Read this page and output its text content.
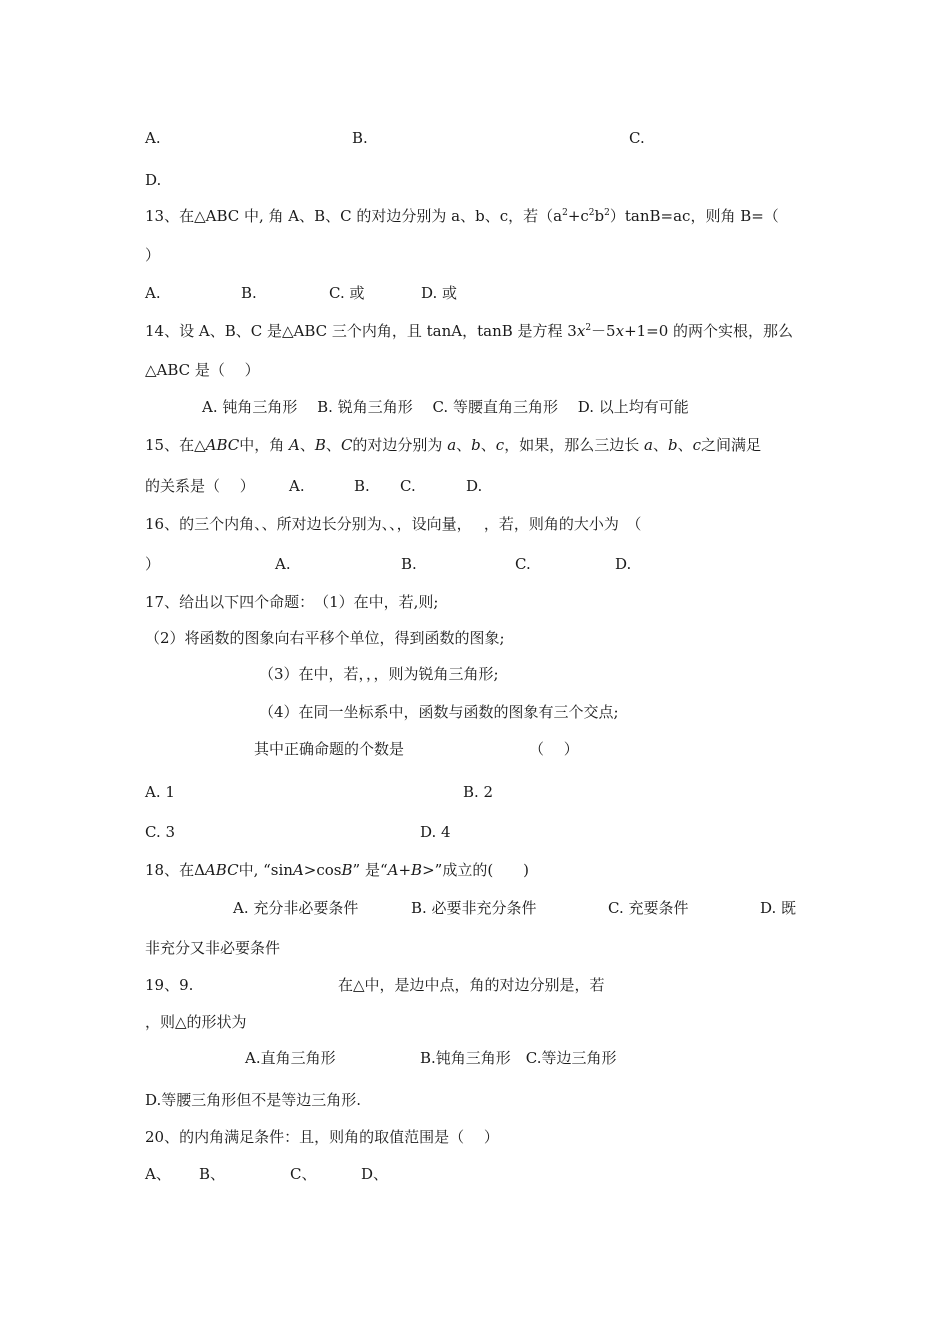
A.	B.	C.
D.
13、在△ABC 中, 角 A、B、C 的对边分别为 a、b、c，若$(a^2+c^2b^2)\tan B=ac$，则角 B=（
）
A.	B.	C. 或	D. 或
14、设 A、B、C 是△ABC 三个内角，且 tanA，tanB 是方程 $3x^2-5x+1=0$ 的两个实根，那么
△ABC 是（　 ）
A. 钝角三角形　 B. 锐角三角形　 C. 等腰直角三角形　 D. 以上均有可能
15、在△ABC中，角 A、B、C的对边分别为 a、b、c，如果，那么三边长 a、b、c之间满足
的关系是（　 ） A.	B. C.	D.
16、的三个内角、、所对边长分别为、、，设向量，　 ，若，则角的大小为　（
）	A.	B.	C.	D.
17、给出以下四个命题：　（1）在中，若,则;
（2）将函数的图象向右平移个单位，得到函数的图象;
（3）在中，若，，，则为锐角三角形;
（4）在同一坐标系中，函数与函数的图象有三个交点;
其中正确命题的个数是	（　 ）
A. 1	B. 2
C. 3	D. 4
18、在ΔABC中, “sinA>cosB” 是“A+B>”成立的(　　)
A. 充分非必要条件	B. 必要非充分条件	C. 充要条件	D. 既
非充分又非必要条件
19、9.	在△中，是边中点，角的对边分别是，若
，则△的形状为
A.直角三角形	B.钝角三角形　C.等边三角形
D.等腰三角形但不是等边三角形.
20、的内角满足条件：且，则角的取值范围是（　 ）
A、 B、	C、	D、
